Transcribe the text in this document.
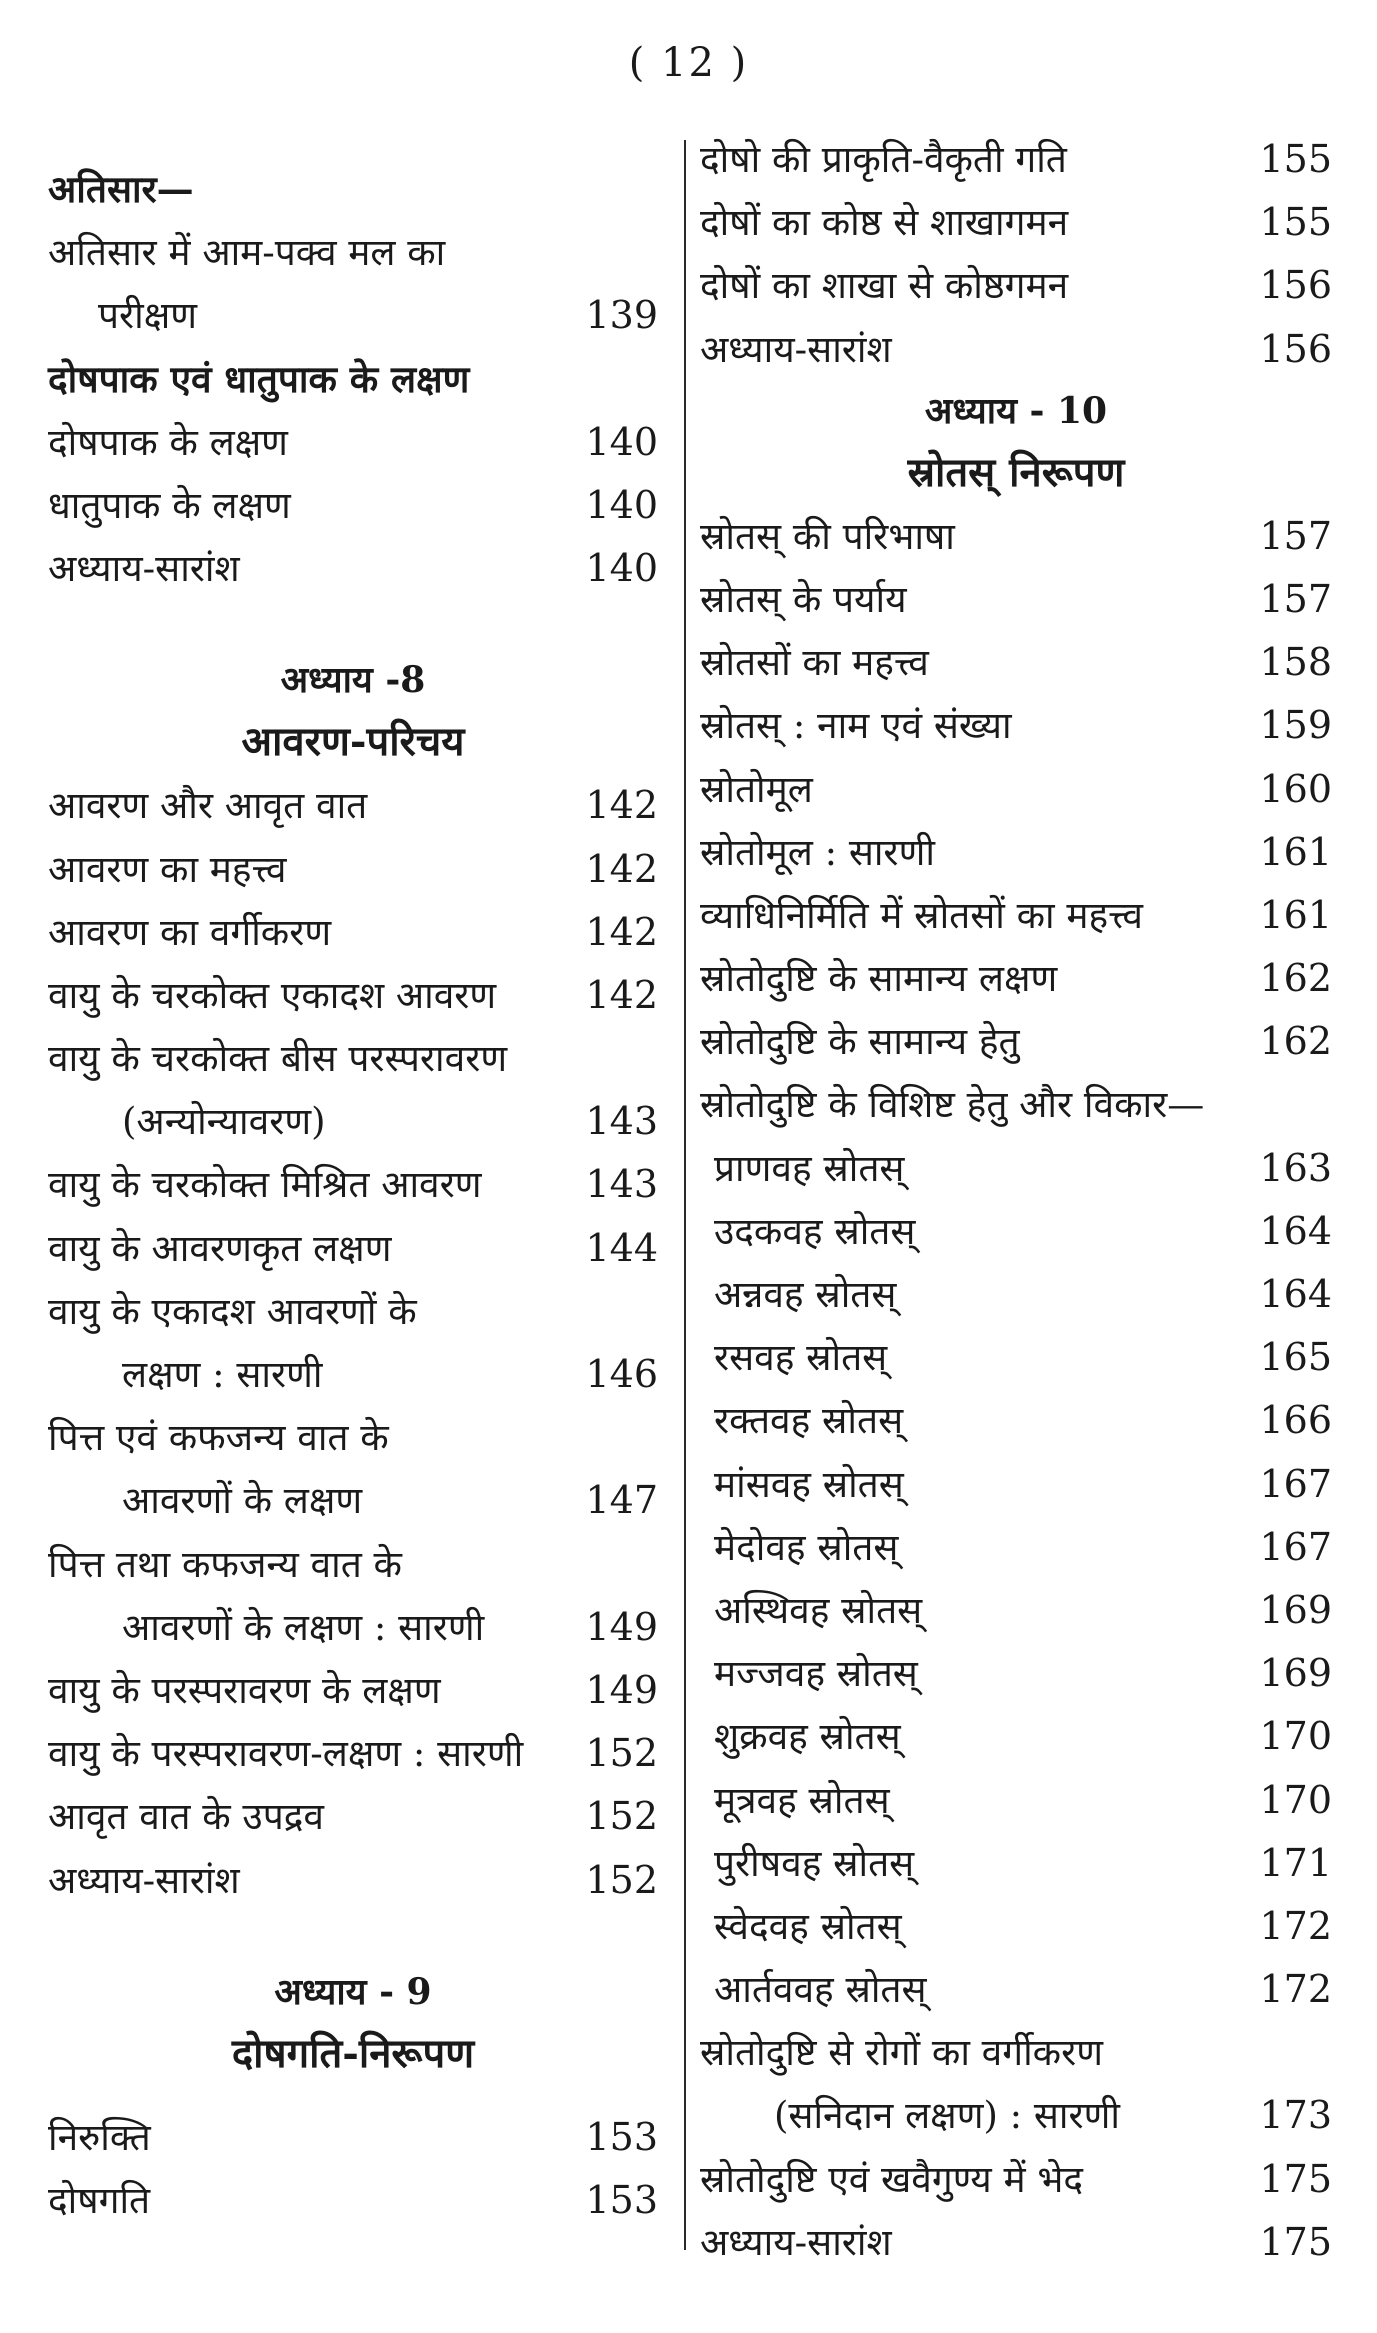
( 12 )
अतिसार—
अतिसार में आम-पक्व मल का
परीक्षण	139
दोषपाक एवं धातुपाक के लक्षण
दोषपाक के लक्षण	140
धातुपाक के लक्षण	140
अध्याय-सारांश	140
अध्याय -8
आवरण-परिचय
आवरण और आवृत वात	142
आवरण का महत्त्व	142
आवरण का वर्गीकरण	142
वायु के चरकोक्त एकादश आवरण 142
वायु के चरकोक्त बीस परस्परावरण
(अन्योन्यावरण)	143
वायु के चरकोक्त मिश्रित आवरण	143
वायु के आवरणकृत लक्षण	144
वायु के एकादश आवरणों के
लक्षण : सारणी	146
पित्त एवं कफजन्य वात के
आवरणों के लक्षण	147
पित्त तथा कफजन्य वात के
आवरणों के लक्षण : सारणी	149
वायु के परस्परावरण के लक्षण	149
वायु के परस्परावरण-लक्षण : सारणी 152
आवृत वात के उपद्रव	152
अध्याय-सारांश	152
अध्याय - 9
दोषगति-निरूपण
निरुक्ति	153
दोषगति	153
दोषो की प्राकृति-वैकृती गति	155
दोषों का कोष्ठ से शाखागमन	155
दोषों का शाखा से कोष्ठगमन	156
अध्याय-सारांश	156
अध्याय - 10
स्रोतस् निरूपण
स्रोतस् की परिभाषा	157
स्रोतस् के पर्याय	157
स्रोतसों का महत्त्व	158
स्रोतस् : नाम एवं संख्या	159
स्रोतोमूल	160
स्रोतोमूल : सारणी	161
व्याधिनिर्मिति में स्रोतसों का महत्त्व	161
स्रोतोदुष्टि के सामान्य लक्षण	162
स्रोतोदुष्टि के सामान्य हेतु	162
स्रोतोदुष्टि के विशिष्ट हेतु और विकार—
प्राणवह स्रोतस्	163
उदकवह स्रोतस्	164
अन्नवह स्रोतस्	164
रसवह स्रोतस्	165
रक्तवह स्रोतस्	166
मांसवह स्रोतस्	167
मेदोवह स्रोतस्	167
अस्थिवह स्रोतस्	169
मज्जवह स्रोतस्	169
शुक्रवह स्रोतस्	170
मूत्रवह स्रोतस्	170
पुरीषवह स्रोतस्	171
स्वेदवह स्रोतस्	172
आर्तववह स्रोतस्	172
स्रोतोदुष्टि से रोगों का वर्गीकरण
(सनिदान लक्षण) : सारणी	173
स्रोतोदुष्टि एवं खवैगुण्य में भेद	175
अध्याय-सारांश	175
